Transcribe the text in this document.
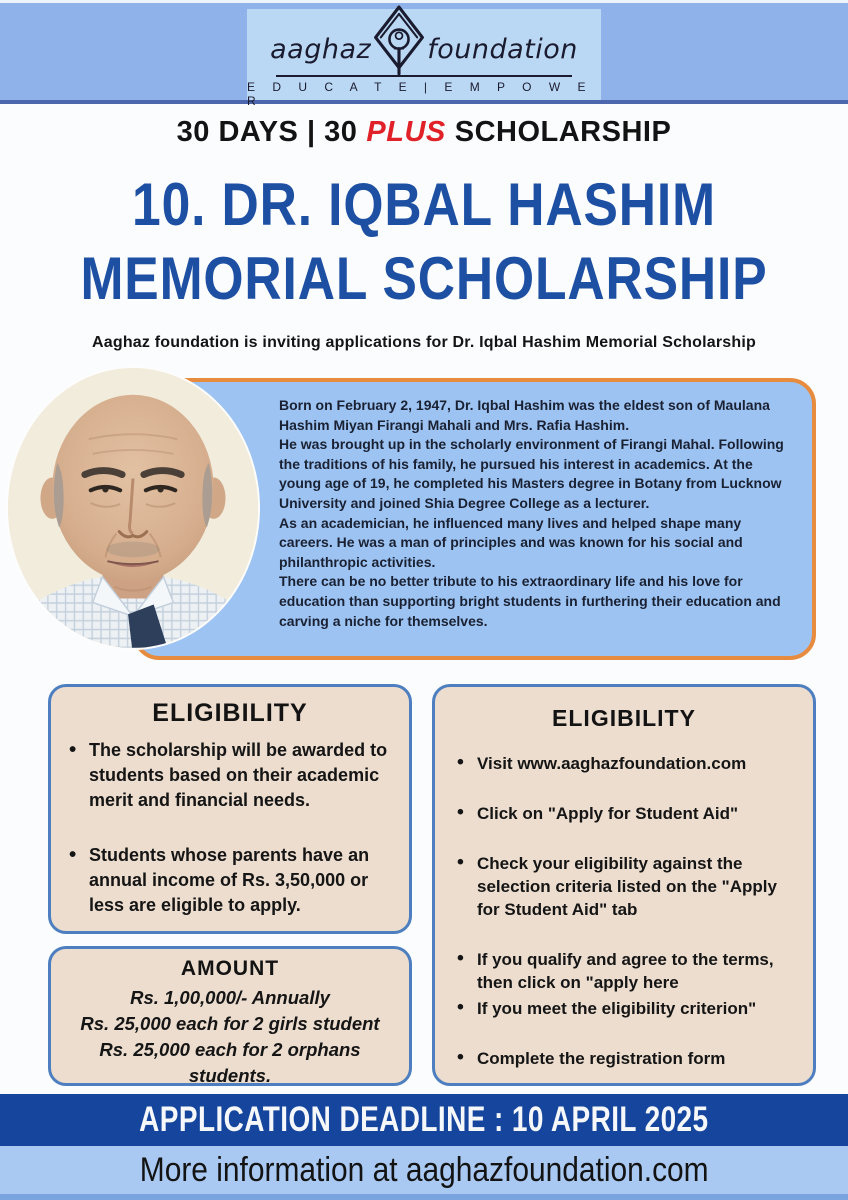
aaghaz foundation
E D U C A T E | E M P O W E R
30 DAYS | 30 PLUS SCHOLARSHIP
10. DR. IQBAL HASHIM
MEMORIAL SCHOLARSHIP
Aaghaz foundation is inviting applications for Dr. Iqbal Hashim Memorial Scholarship

Born on February 2, 1947, Dr. Iqbal Hashim was the eldest son of Maulana Hashim Miyan Firangi Mahali and Mrs. Rafia Hashim.

He was brought up in the scholarly environment of Firangi Mahal. Following the traditions of his family, he pursued his interest in academics. At the young age of 19, he completed his Masters degree in Botany from Lucknow University and joined Shia Degree College as a lecturer.

As an academician, he influenced many lives and helped shape many careers. He was a man of principles and was known for his social and philanthropic activities.

There can be no better tribute to his extraordinary life and his love for education than supporting bright students in furthering their education and carving a niche for themselves.

ELIGIBILITY
• The scholarship will be awarded to students based on their academic merit and financial needs.
• Students whose parents have an annual income of Rs. 3,50,000 or less are eligible to apply.
AMOUNT
Rs. 1,00,000/- Annually
Rs. 25,000 each for 2 girls student
Rs. 25,000 each for 2 orphans students.
ELIGIBILITY
• Visit www.aaghazfoundation.com
• Click on "Apply for Student Aid"
• Check your eligibility against the selection criteria listed on the "Apply for Student Aid" tab
• If you qualify and agree to the terms, then click on "apply here
• If you meet the eligibility criterion"
• Complete the registration form
APPLICATION DEADLINE : 10 APRIL 2025
More information at aaghazfoundation.com
